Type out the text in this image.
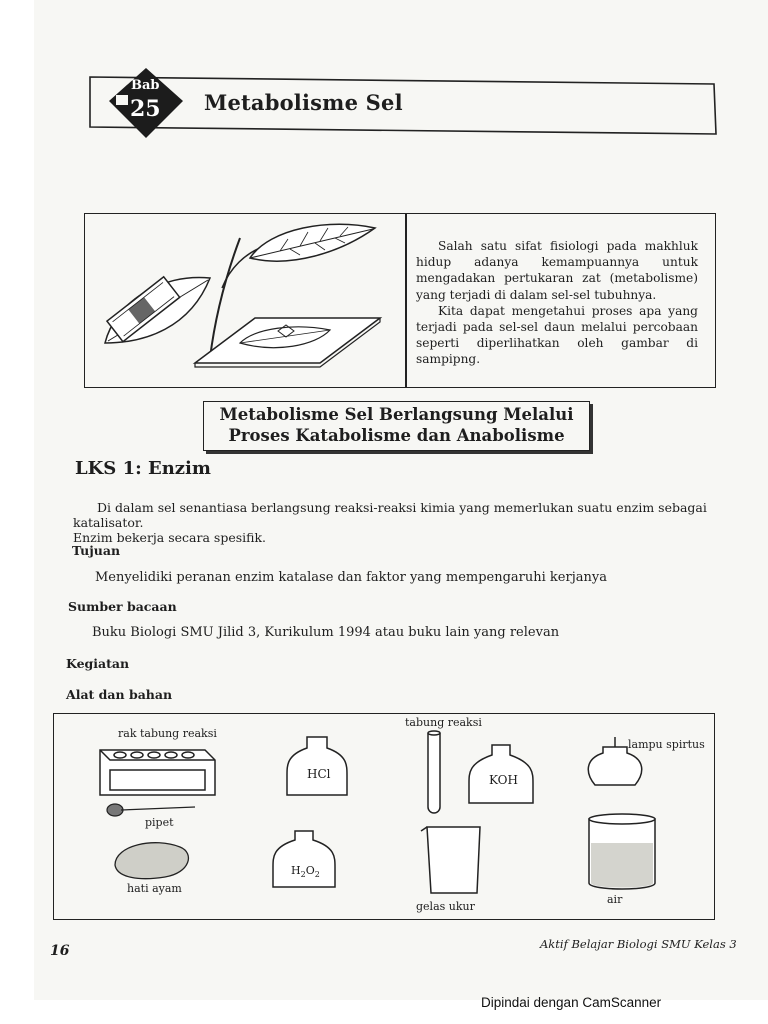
Bab
25 Metabolisme Sel

Salah satu sifat fisiologi pada makhluk hidup adanya kemampuannya untuk mengadakan pertukaran zat (metabolisme) yang terjadi di dalam sel-sel tubuhnya.

Kita dapat mengetahui proses apa yang terjadi pada sel-sel daun melalui percobaan seperti diperlihatkan oleh gambar di sampipng.

Metabolisme Sel Berlangsung Melalui
Proses Katabolisme dan Anabolisme
LKS 1: Enzim
Di dalam sel senantiasa berlangsung reaksi-reaksi kimia yang memerlukan suatu enzim sebagai katalisator.
Enzim bekerja secara spesifik.
Tujuan
Menyelidiki peranan enzim katalase dan faktor yang mempengaruhi kerjanya
Sumber bacaan
Buku Biologi SMU Jilid 3, Kurikulum 1994 atau buku lain yang relevan
Kegiatan
Alat dan bahan
rak tabung reaksi
pipet
hati ayam
HCl
$H_2O_2$
tabung reaksi
gelas ukur
KOH
lampu spirtus
air
16	Aktif Belajar Biologi SMU Kelas 3
Dipindai dengan CamScanner
